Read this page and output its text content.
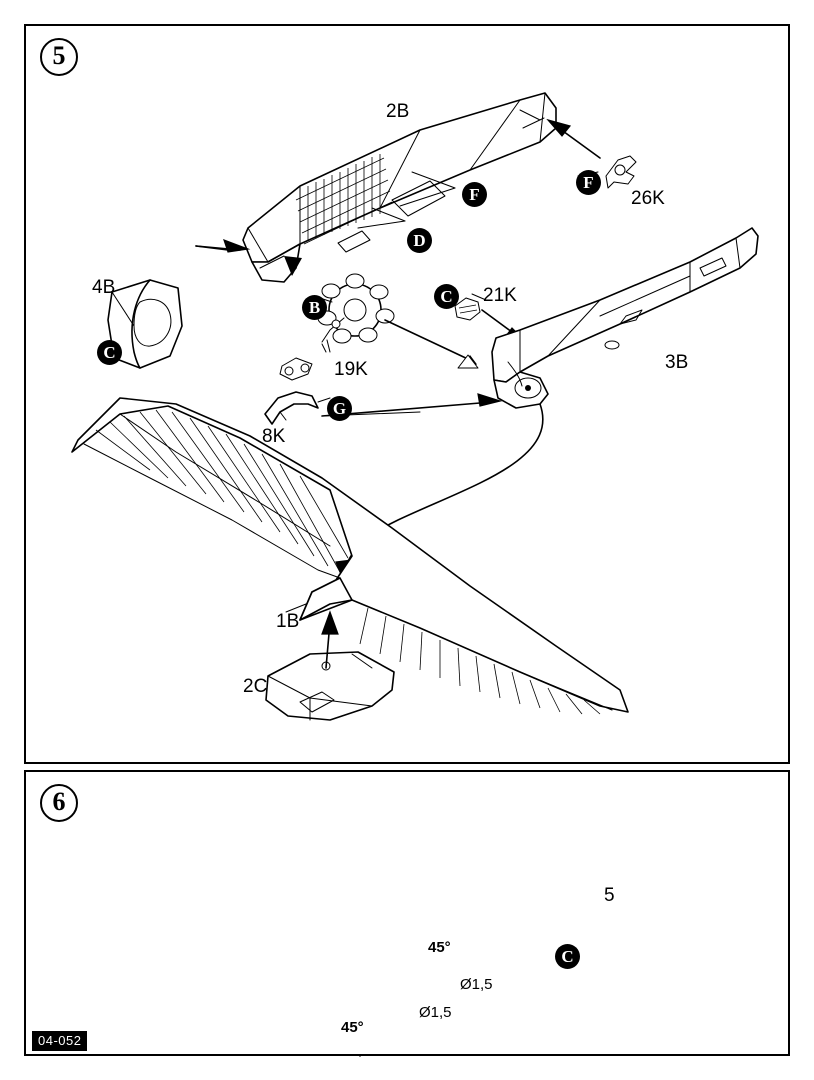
5
2B
4B
26K
21K
3B
19K
8K
1B
2C
F
F
D
B
C
C
G
6
5
45°
45°
Ø1,5
Ø1,5
C
04-052
